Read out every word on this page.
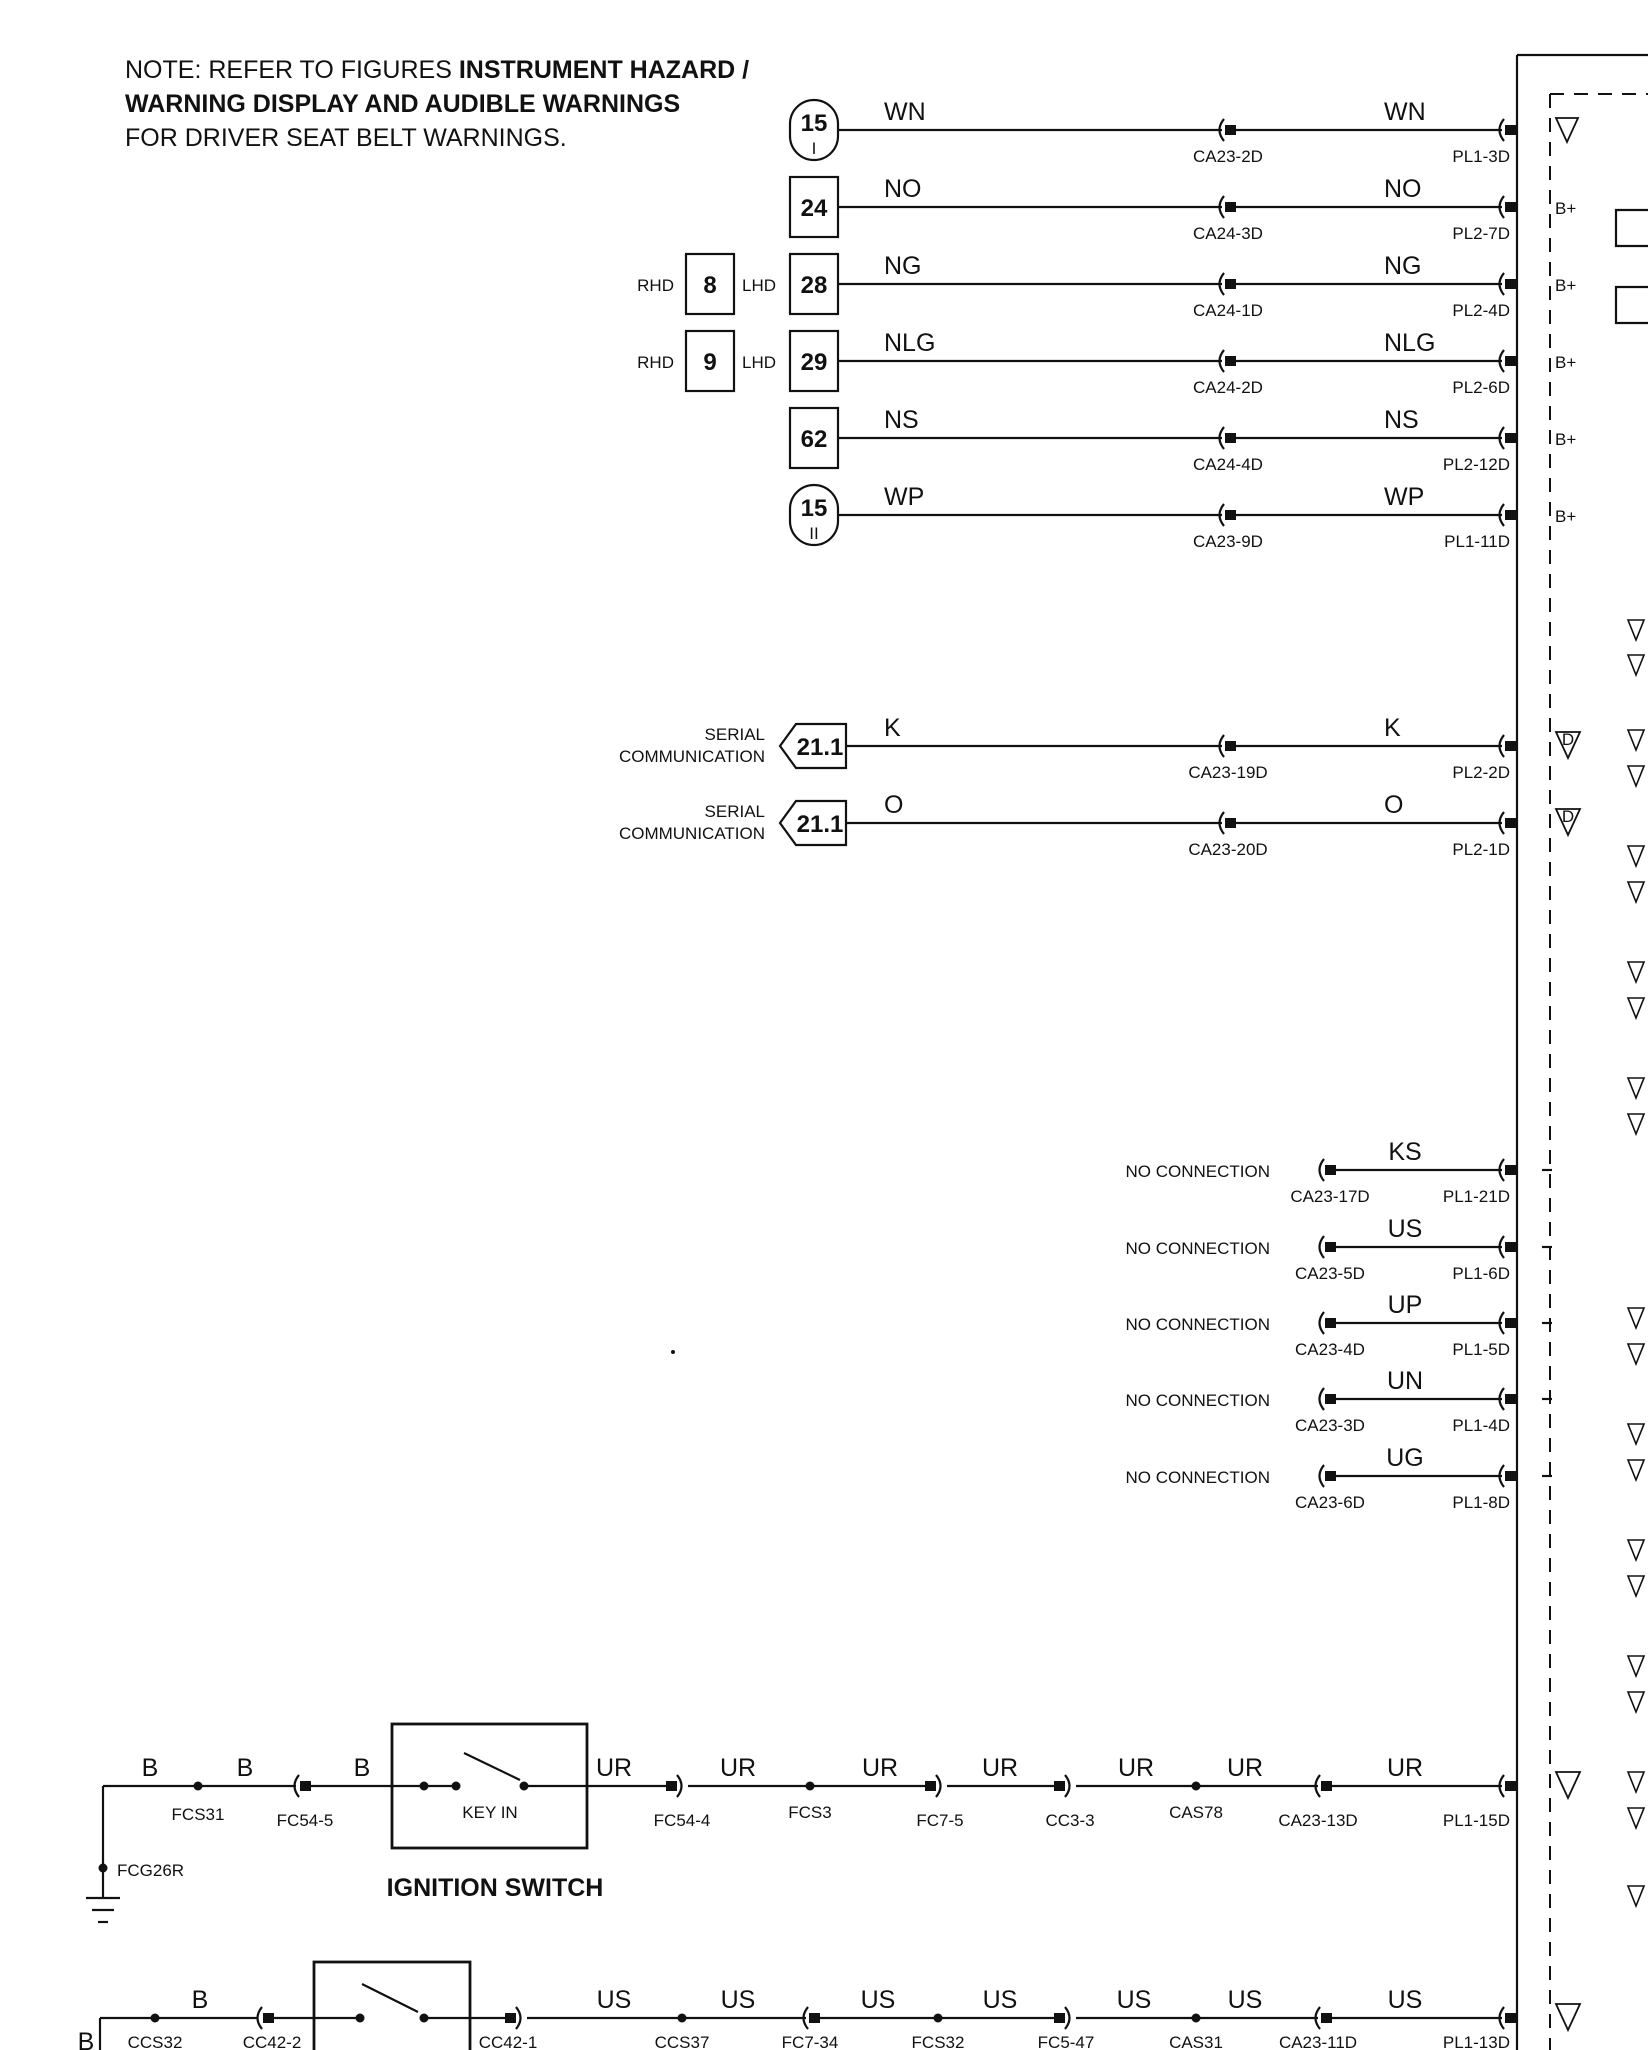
NOTE: REFER TO FIGURES INSTRUMENT HAZARD /
WARNING DISPLAY AND AUDIBLE WARNINGS
FOR DRIVER SEAT BELT WARNINGS.
15
I
WN	WN
CA23-2D	PL1-3D
24
NO	NO
CA24-3D	PL2-7D
B+
28
RHD 8 LHD
NG	NG
CA24-1D	PL2-4D
B+
29
RHD 9 LHD
NLG	NLG
CA24-2D	PL2-6D
B+
62
NS	NS
CA24-4D	PL2-12D
B+
15
II
WP	WP
CA23-9D	PL1-11D
B+
SERIAL
COMMUNICATION 21.1
K	K
CA23-19D	PL2-2D
D
SERIAL
COMMUNICATION 21.1
O	O
CA23-20D	PL2-1D
D
NO CONNECTION
KS
CA23-17D	PL1-21D
NO CONNECTION
US
CA23-5D	PL1-6D
NO CONNECTION
UP
CA23-4D	PL1-5D
NO CONNECTION
UN
CA23-3D	PL1-4D
NO CONNECTION
UG
CA23-6D	PL1-8D
KEY IN
B	B	B	UR	UR	UR	UR	UR	UR	UR
FCS31	FC54-5	FC54-4	FCS3	FC7-5	CC3-3	CAS78	CA23-13D	PL1-15D
FCG26R
IGNITION SWITCH
B	US	US	US	US	US	US	US
CCS32	CC42-2	CC42-1	CCS37	FC7-34	FCS32	FC5-47	CAS31	CA23-11D	PL1-13D
B
